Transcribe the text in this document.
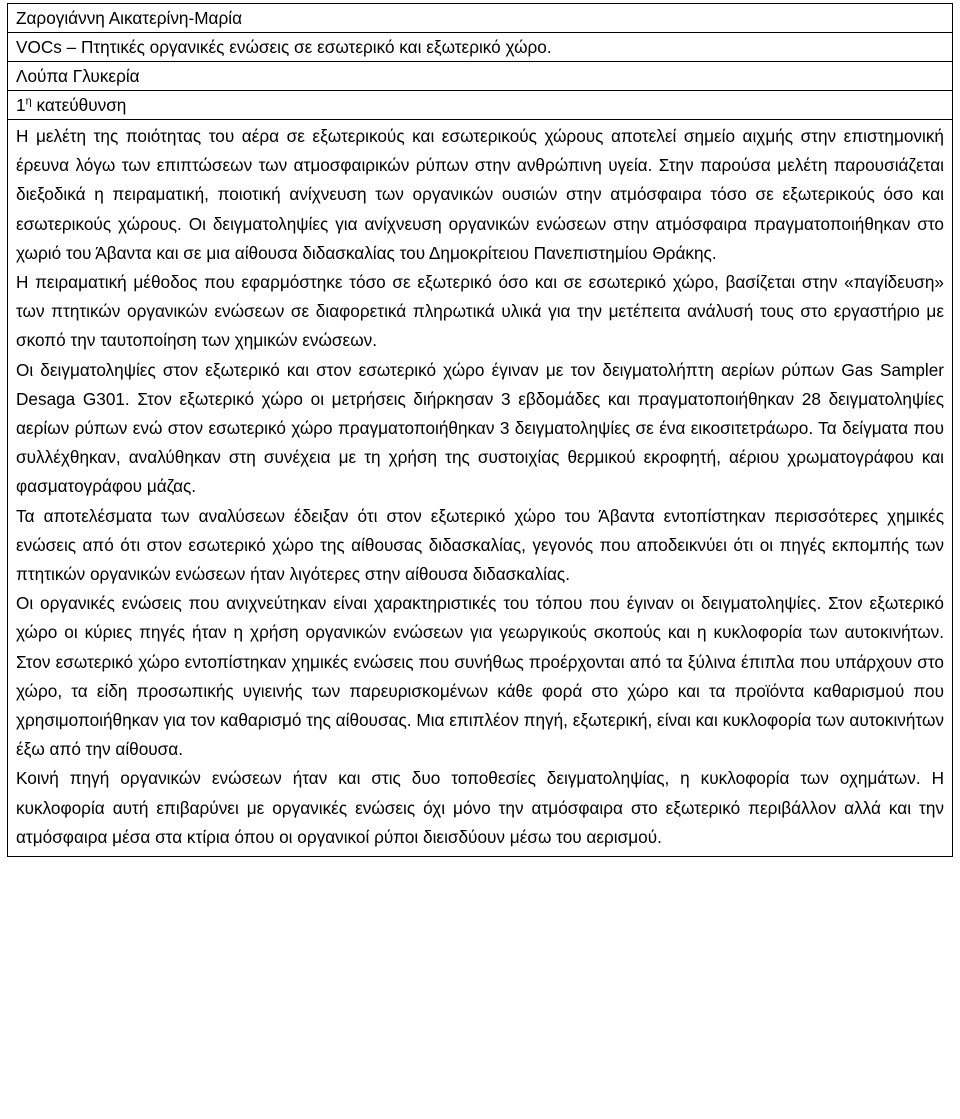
Ζαρογιάννη Αικατερίνη-Μαρία
VOCs – Πτητικές οργανικές ενώσεις σε εσωτερικό και εξωτερικό χώρο.
Λούπα Γλυκερία
$1^\eta$ κατεύθυνση

Η μελέτη της ποιότητας του αέρα σε εξωτερικούς και εσωτερικούς χώρους αποτελεί σημείο αιχμής στην επιστημονική έρευνα λόγω των επιπτώσεων των ατμοσφαιρικών ρύπων στην ανθρώπινη υγεία. Στην παρούσα μελέτη παρουσιάζεται διεξοδικά η πειραματική, ποιοτική ανίχνευση των οργανικών ουσιών στην ατμόσφαιρα τόσο σε εξωτερικούς όσο και εσωτερικούς χώρους. Οι δειγματοληψίες για ανίχνευση οργανικών ενώσεων στην ατμόσφαιρα πραγματοποιήθηκαν στο χωριό του Άβαντα και σε μια αίθουσα διδασκαλίας του Δημοκρίτειου Πανεπιστημίου Θράκης.

Η πειραματική μέθοδος που εφαρμόστηκε τόσο σε εξωτερικό όσο και σε εσωτερικό χώρο, βασίζεται στην «παγίδευση» των πτητικών οργανικών ενώσεων σε διαφορετικά πληρωτικά υλικά για την μετέπειτα ανάλυσή τους στο εργαστήριο με σκοπό την ταυτοποίηση των χημικών ενώσεων.

Οι δειγματοληψίες στον εξωτερικό και στον εσωτερικό χώρο έγιναν με τον δειγματολήπτη αερίων ρύπων Gas Sampler Desaga G301. Στον εξωτερικό χώρο οι μετρήσεις διήρκησαν 3 εβδομάδες και πραγματοποιήθηκαν 28 δειγματοληψίες αερίων ρύπων ενώ στον εσωτερικό χώρο πραγματοποιήθηκαν 3 δειγματοληψίες σε ένα εικοσιτετράωρο. Τα δείγματα που συλλέχθηκαν, αναλύθηκαν στη συνέχεια με τη χρήση της συστοιχίας θερμικού εκροφητή, αέριου χρωματογράφου και φασματογράφου μάζας.

Τα αποτελέσματα των αναλύσεων έδειξαν ότι στον εξωτερικό χώρο του Άβαντα εντοπίστηκαν περισσότερες χημικές ενώσεις από ότι στον εσωτερικό χώρο της αίθουσας διδασκαλίας, γεγονός που αποδεικνύει ότι οι πηγές εκπομπής των πτητικών οργανικών ενώσεων ήταν λιγότερες στην αίθουσα διδασκαλίας.

Οι οργανικές ενώσεις που ανιχνεύτηκαν είναι χαρακτηριστικές του τόπου που έγιναν οι δειγματοληψίες. Στον εξωτερικό χώρο οι κύριες πηγές ήταν η χρήση οργανικών ενώσεων για γεωργικούς σκοπούς και η κυκλοφορία των αυτοκινήτων. Στον εσωτερικό χώρο εντοπίστηκαν χημικές ενώσεις που συνήθως προέρχονται από τα ξύλινα έπιπλα που υπάρχουν στο χώρο, τα είδη προσωπικής υγιεινής των παρευρισκομένων κάθε φορά στο χώρο και τα προϊόντα καθαρισμού που χρησιμοποιήθηκαν για τον καθαρισμό της αίθουσας. Μια επιπλέον πηγή, εξωτερική, είναι και κυκλοφορία των αυτοκινήτων έξω από την αίθουσα.

Κοινή πηγή οργανικών ενώσεων ήταν και στις δυο τοποθεσίες δειγματοληψίας, η κυκλοφορία των οχημάτων. Η κυκλοφορία αυτή επιβαρύνει με οργανικές ενώσεις όχι μόνο την ατμόσφαιρα στο εξωτερικό περιβάλλον αλλά και την ατμόσφαιρα μέσα στα κτίρια όπου οι οργανικοί ρύποι διεισδύουν μέσω του αερισμού.
